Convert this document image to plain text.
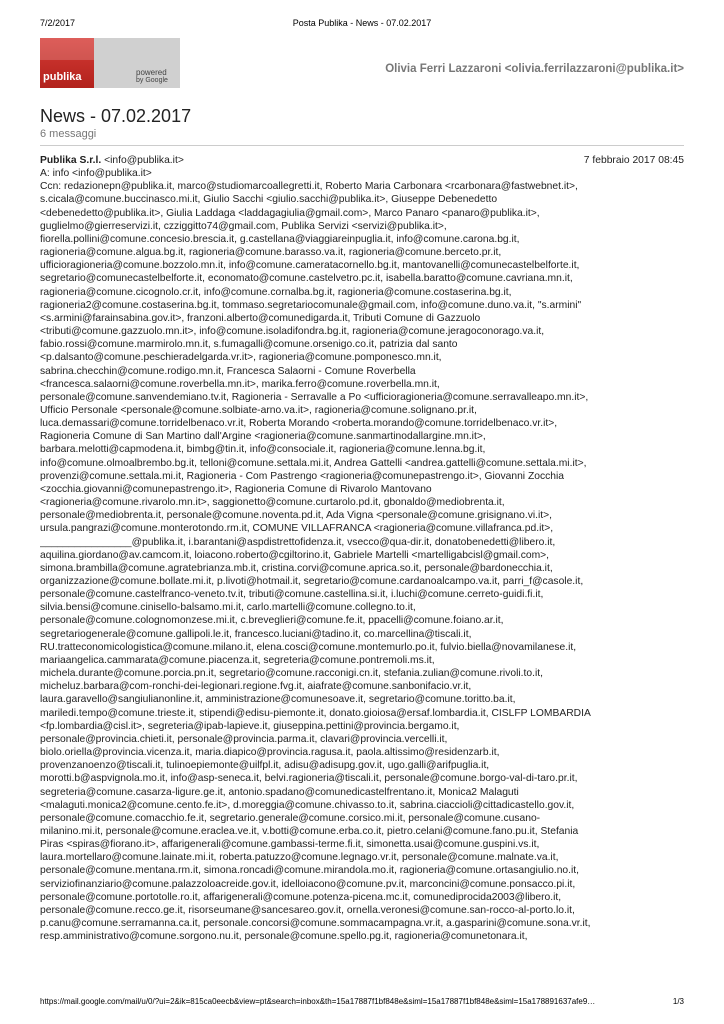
7/2/2017	Posta Publika - News - 07.02.2017
publika	powered
by Google
Olivia Ferri Lazzaroni <olivia.ferrilazzaroni@publika.it>
News - 07.02.2017
6 messaggi
Publika S.r.l. <info@publika.it>	7 febbraio 2017 08:45
A: info <info@publika.it>
Ccn: redazionepn@publika.it, marco@studiomarcoallegretti.it, Roberto Maria Carbonara <rcarbonara@fastwebnet.it>,
s.cicala@comune.buccinasco.mi.it, Giulio Sacchi <giulio.sacchi@publika.it>, Giuseppe Debenedetto
<debenedetto@publika.it>, Giulia Laddaga <laddagagiulia@gmail.com>, Marco Panaro <panaro@publika.it>,
guglielmo@gierreservizi.it, czziggitto74@gmail.com, Publika Servizi <servizi@publika.it>,
fiorella.pollini@comune.concesio.brescia.it, g.castellana@viaggiareinpuglia.it, info@comune.carona.bg.it,
ragioneria@comune.algua.bg.it, ragioneria@comune.barasso.va.it, ragioneria@comune.berceto.pr.it,
ufficioragioneria@comune.bozzolo.mn.it, info@comune.cameratacornello.bg.it, mantovanelli@comunecastelbelforte.it,
segretario@comunecastelbelforte.it, economato@comune.castelvetro.pc.it, isabella.baratto@comune.cavriana.mn.it,
ragioneria@comune.cicognolo.cr.it, info@comune.cornalba.bg.it, ragioneria@comune.costaserina.bg.it,
ragioneria2@comune.costaserina.bg.it, tommaso.segretariocomunale@gmail.com, info@comune.duno.va.it, "s.armini"
<s.armini@farainsabina.gov.it>, franzoni.alberto@comunedigarda.it, Tributi Comune di Gazzuolo
<tributi@comune.gazzuolo.mn.it>, info@comune.isoladifondra.bg.it, ragioneria@comune.jeragoconorago.va.it,
fabio.rossi@comune.marmirolo.mn.it, s.fumagalli@comune.orsenigo.co.it, patrizia dal santo
<p.dalsanto@comune.peschieradelgarda.vr.it>, ragioneria@comune.pomponesco.mn.it,
sabrina.checchin@comune.rodigo.mn.it, Francesca Salaorni - Comune Roverbella
<francesca.salaorni@comune.roverbella.mn.it>, marika.ferro@comune.roverbella.mn.it,
personale@comune.sanvendemiano.tv.it, Ragioneria - Serravalle a Po <ufficioragioneria@comune.serravalleapo.mn.it>,
Ufficio Personale <personale@comune.solbiate-arno.va.it>, ragioneria@comune.solignano.pr.it,
luca.demassari@comune.torridelbenaco.vr.it, Roberta Morando <roberta.morando@comune.torridelbenaco.vr.it>,
Ragioneria Comune di San Martino dall'Argine <ragioneria@comune.sanmartinodallargine.mn.it>,
barbara.melotti@capmodena.it, bimbg@tin.it, info@consociale.it, ragioneria@comune.lenna.bg.it,
info@comune.olmoalbrembo.bg.it, telloni@comune.settala.mi.it, Andrea Gattelli <andrea.gattelli@comune.settala.mi.it>,
provenzi@comune.settala.mi.it, Ragioneria - Com Pastrengo <ragioneria@comunepastrengo.it>, Giovanni Zocchia
<zocchia.giovanni@comunepastrengo.it>, Ragioneria Comune di Rivarolo Mantovano
<ragioneria@comune.rivarolo.mn.it>, saggionetto@comune.curtarolo.pd.it, gbonaldo@mediobrenta.it,
personale@mediobrenta.it, personale@comune.noventa.pd.it, Ada Vigna <personale@comune.grisignano.vi.it>,
ursula.pangrazi@comune.monterotondo.rm.it, COMUNE VILLAFRANCA <ragioneria@comune.villafranca.pd.it>,
________________@publika.it, i.barantani@aspdistrettofidenza.it, vsecco@qua-dir.it, donatobenedetti@libero.it,
aquilina.giordano@av.camcom.it, loiacono.roberto@cgiltorino.it, Gabriele Martelli <martelligabcisl@gmail.com>,
simona.brambilla@comune.agratebrianza.mb.it, cristina.corvi@comune.aprica.so.it, personale@bardonecchia.it,
organizzazione@comune.bollate.mi.it, p.livoti@hotmail.it, segretario@comune.cardanoalcampo.va.it, parri_f@casole.it,
personale@comune.castelfranco-veneto.tv.it, tributi@comune.castellina.si.it, i.luchi@comune.cerreto-guidi.fi.it,
silvia.bensi@comune.cinisello-balsamo.mi.it, carlo.martelli@comune.collegno.to.it,
personale@comune.colognomonzese.mi.it, c.breveglieri@comune.fe.it, ppacelli@comune.foiano.ar.it,
segretariogenerale@comune.gallipoli.le.it, francesco.luciani@tadino.it, co.marcellina@tiscali.it,
RU.tratteconomicologistica@comune.milano.it, elena.cosci@comune.montemurlo.po.it, fulvio.biella@novamilanese.it,
mariaangelica.cammarata@comune.piacenza.it, segreteria@comune.pontremoli.ms.it,
michela.durante@comune.porcia.pn.it, segretario@comune.racconigi.cn.it, stefania.zulian@comune.rivoli.to.it,
micheluz.barbara@com-ronchi-dei-legionari.regione.fvg.it, aiafrate@comune.sanbonifacio.vr.it,
laura.garavello@sangiulianonline.it, amministrazione@comunesoave.it, segretario@comune.toritto.ba.it,
mariledi.tempo@comune.trieste.it, stipendi@edisu-piemonte.it, donato.gioiosa@ersaf.lombardia.it, CISLFP LOMBARDIA
<fp.lombardia@cisl.it>, segreteria@ipab-lapieve.it, giuseppina.pettini@provincia.bergamo.it,
personale@provincia.chieti.it, personale@provincia.parma.it, clavari@provincia.vercelli.it,
biolo.oriella@provincia.vicenza.it, maria.diapico@provincia.ragusa.it, paola.altissimo@residenzarb.it,
provenzanoenzo@tiscali.it, tulinoepiemonte@uilfpl.it, adisu@adisupg.gov.it, ugo.galli@arifpuglia.it,
morotti.b@aspvignola.mo.it, info@asp-seneca.it, belvi.ragioneria@tiscali.it, personale@comune.borgo-val-di-taro.pr.it,
segreteria@comune.casarza-ligure.ge.it, antonio.spadano@comunedicastelfrentano.it, Monica2 Malaguti
<malaguti.monica2@comune.cento.fe.it>, d.moreggia@comune.chivasso.to.it, sabrina.ciaccioli@cittadicastello.gov.it,
personale@comune.comacchio.fe.it, segretario.generale@comune.corsico.mi.it, personale@comune.cusano-
milanino.mi.it, personale@comune.eraclea.ve.it, v.botti@comune.erba.co.it, pietro.celani@comune.fano.pu.it, Stefania
Piras <spiras@fiorano.it>, affarigenerali@comune.gambassi-terme.fi.it, simonetta.usai@comune.guspini.vs.it,
laura.mortellaro@comune.lainate.mi.it, roberta.patuzzo@comune.legnago.vr.it, personale@comune.malnate.va.it,
personale@comune.mentana.rm.it, simona.roncadi@comune.mirandola.mo.it, ragioneria@comune.ortasangiulio.no.it,
serviziofinanziario@comune.palazzoloacreide.gov.it, idelloiacono@comune.pv.it, marconcini@comune.ponsacco.pi.it,
personale@comune.portotolle.ro.it, affarigenerali@comune.potenza-picena.mc.it, comunediprocida2003@libero.it,
personale@comune.recco.ge.it, risorseumane@sancesareo.gov.it, ornella.veronesi@comune.san-rocco-al-porto.lo.it,
p.canu@comune.serramanna.ca.it, personale.concorsi@comune.sommacampagna.vr.it, a.gasparini@comune.sona.vr.it,
resp.amministrativo@comune.sorgono.nu.it, personale@comune.spello.pg.it, ragioneria@comunetonara.it,
https://mail.google.com/mail/u/0/?ui=2&ik=815ca0eecb&view=pt&search=inbox&th=15a17887f1bf848e&siml=15a17887f1bf848e&siml=15a178891637afe9…	1/3
